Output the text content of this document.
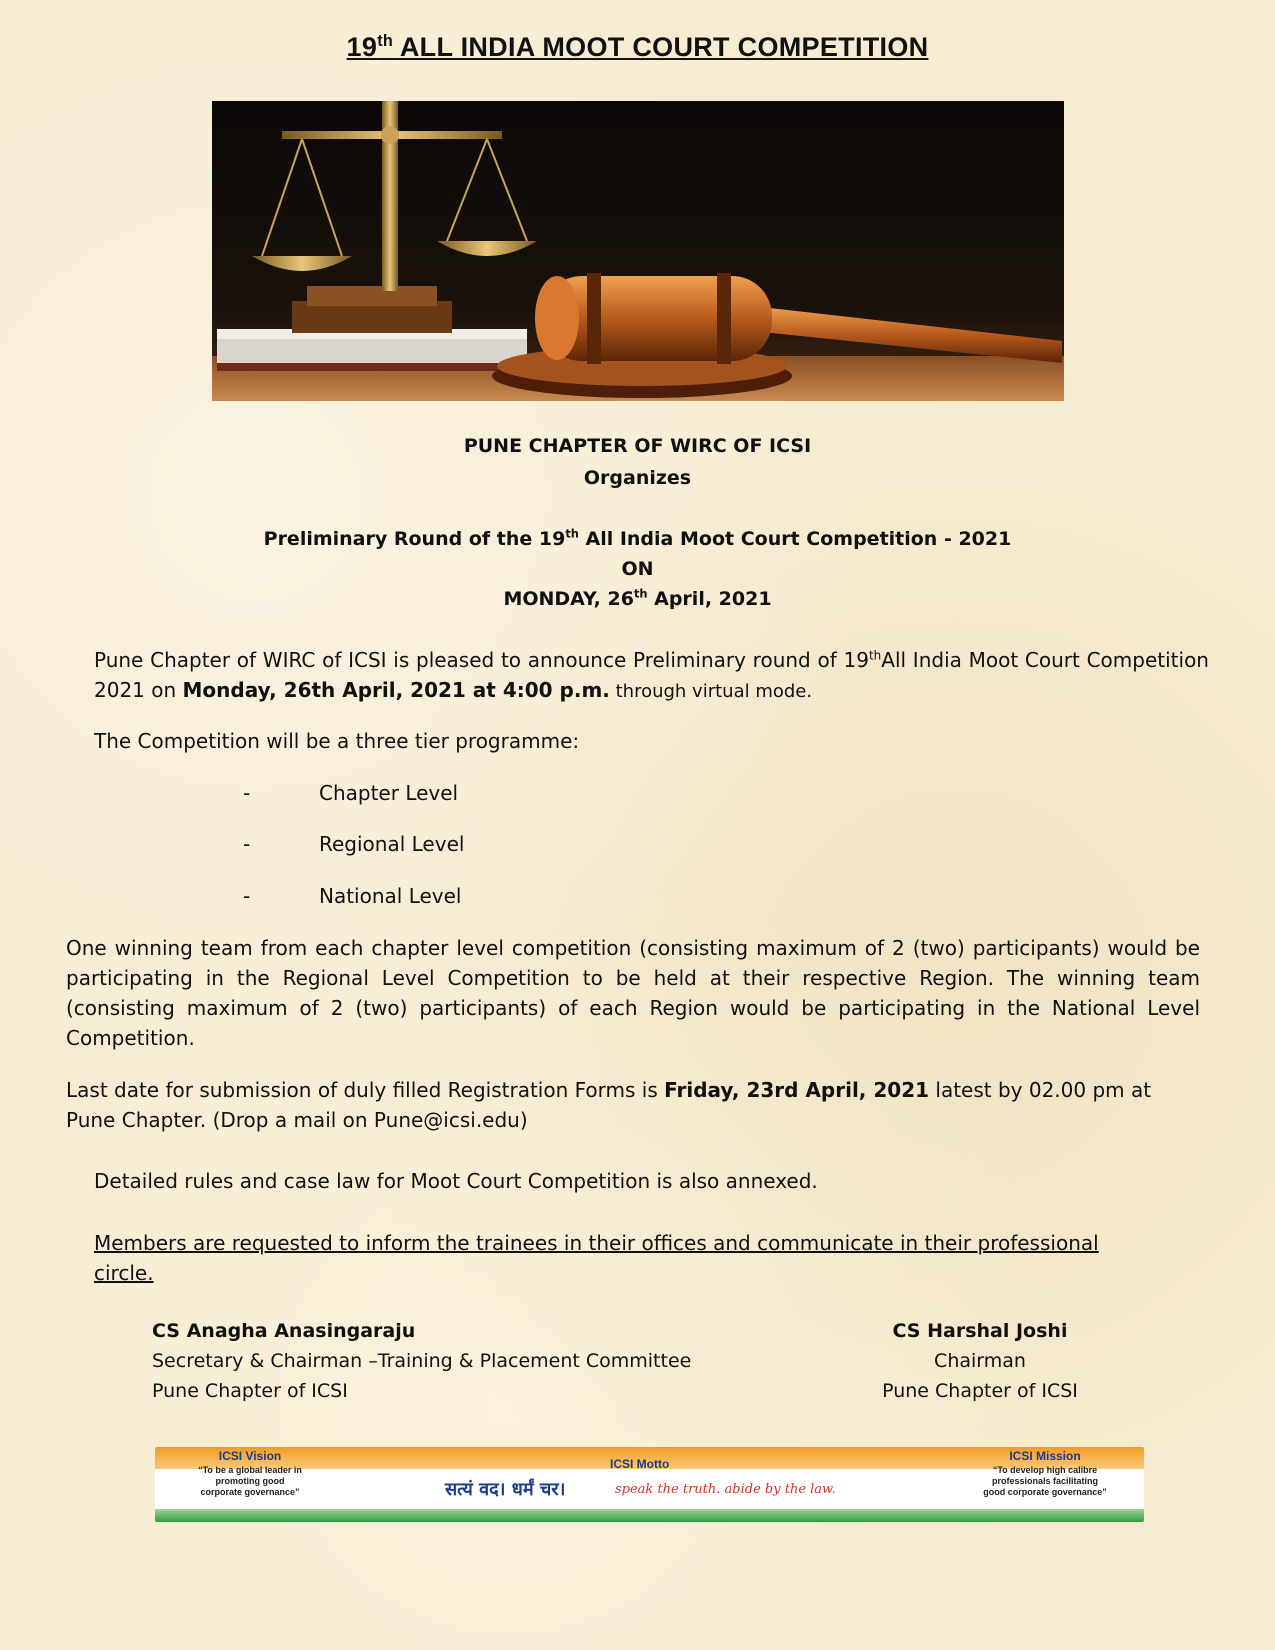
19th ALL INDIA MOOT COURT COMPETITION
PUNE CHAPTER OF WIRC OF ICSI
Organizes
Preliminary Round of the 19th All India Moot Court Competition - 2021
ON
MONDAY, 26th April, 2021
Pune Chapter of WIRC of ICSI is pleased to announce Preliminary round of 19thAll India Moot Court Competition 2021 on Monday, 26th April, 2021 at 4:00 p.m. through virtual mode.
The Competition will be a three tier programme:
-	Chapter Level
-	Regional Level
-	National Level
One winning team from each chapter level competition (consisting maximum of 2 (two) participants) would be participating in the Regional Level Competition to be held at their respective Region. The winning team (consisting maximum of 2 (two) participants) of each Region would be participating in the National Level Competition.
Last date for submission of duly filled Registration Forms is Friday, 23rd April, 2021 latest by 02.00 pm at
Pune Chapter. (Drop a mail on Pune@icsi.edu)
Detailed rules and case law for Moot Court Competition is also annexed.
Members are requested to inform the trainees in their offices and communicate in their professional circle.
CS Anagha Anasingaraju
Secretary & Chairman –Training & Placement Committee
Pune Chapter of ICSI
CS Harshal Joshi
Chairman
Pune Chapter of ICSI
ICSI Vision
“To be a global leader in
promoting good
corporate governance”
ICSI Motto
सत्यं वद। धर्मं चर।	speak the truth. abide by the law.
ICSI Mission
“To develop high calibre
professionals facilitating
good corporate governance”
